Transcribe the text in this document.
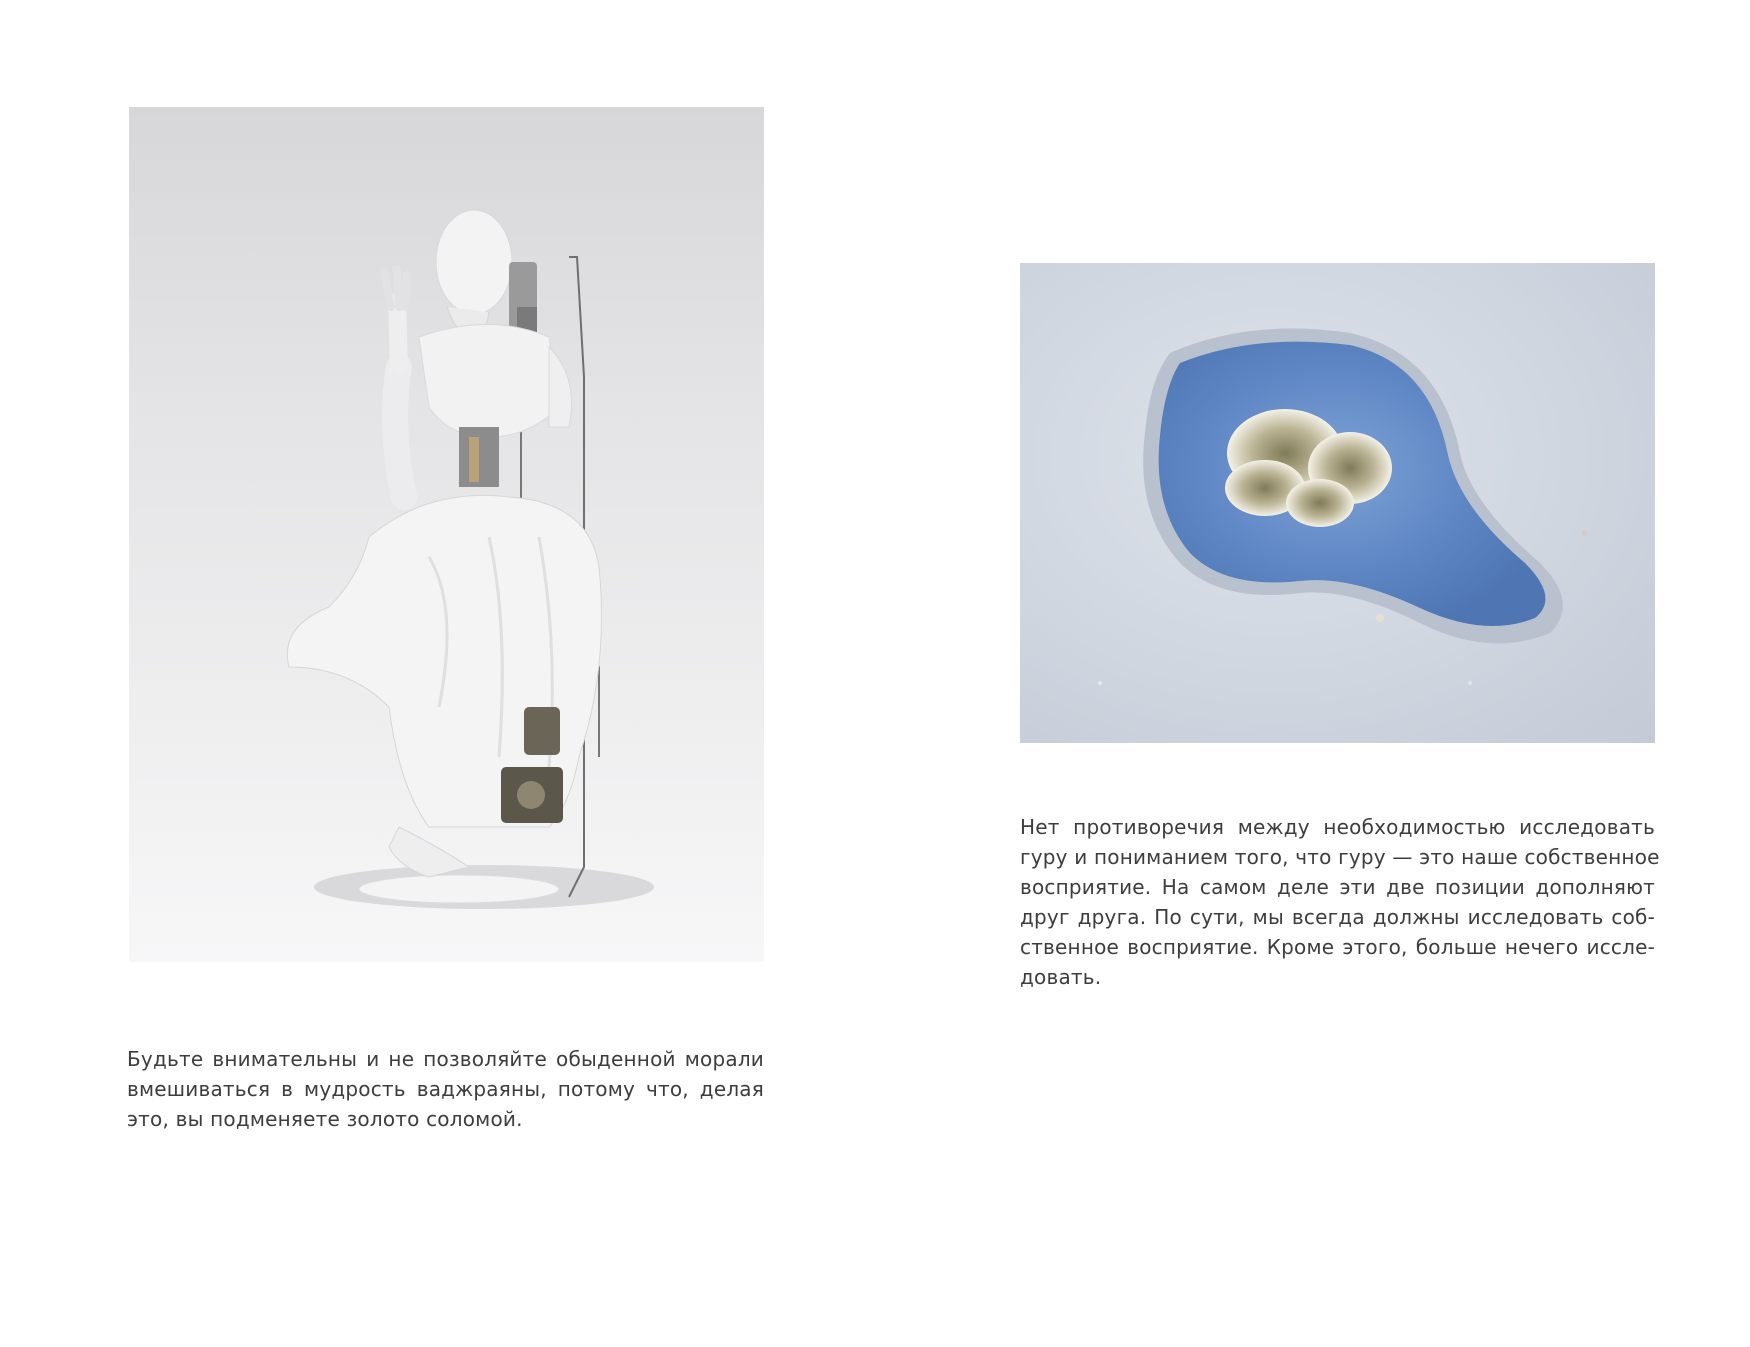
Будьте внимательны и не позволяйте обыденной морали
вмешиваться в мудрость ваджраяны, потому что, делая
это, вы подменяете золото соломой.
Нет противоречия между необходимостью исследовать
гуру и пониманием того, что гуру — это наше собственное
восприятие. На самом деле эти две позиции дополняют
друг друга. По сути, мы всегда должны исследовать соб-
ственное восприятие. Кроме этого, больше нечего иссле-
довать.
